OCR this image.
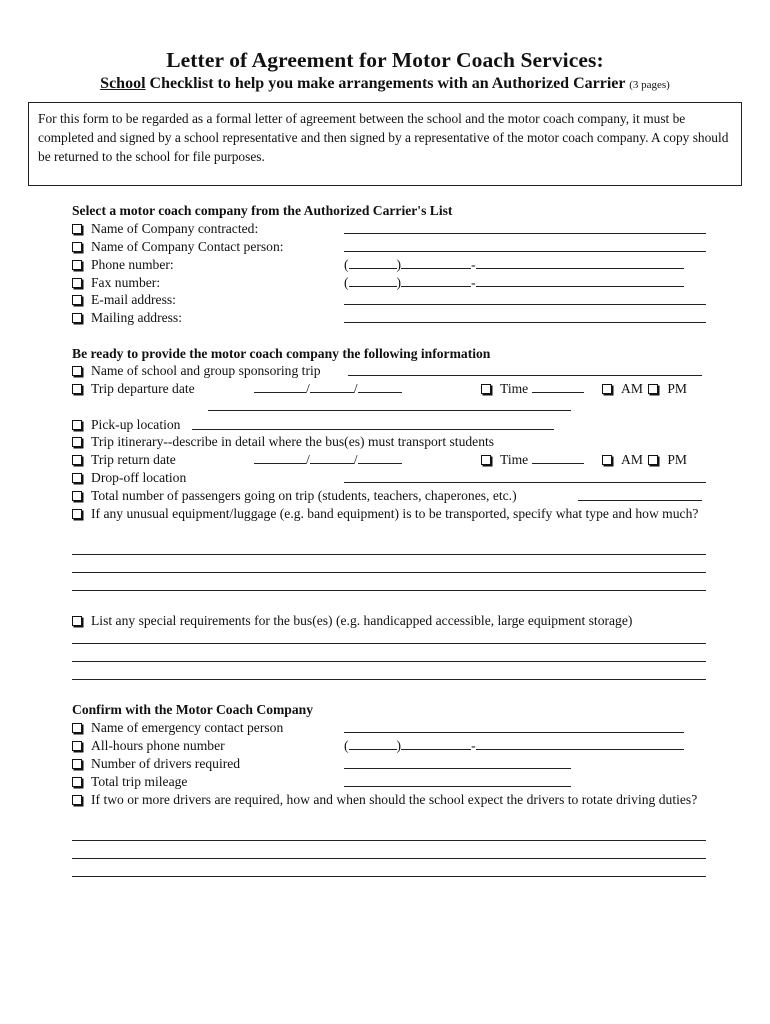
Letter of Agreement for Motor Coach Services:
School Checklist to help you make arrangements with an Authorized Carrier (3 pages)
For this form to be regarded as a formal letter of agreement between the school and the motor coach company, it must be completed and signed by a school representative and then signed by a representative of the motor coach company. A copy should be returned to the school for file purposes.
Select a motor coach company from the Authorized Carrier's List
Name of Company contracted:
Name of Company Contact person:
Phone number:	(	)	-
Fax number:	(	)	-
E-mail address:
Mailing address:
Be ready to provide the motor coach company the following information
Name of school and group sponsoring trip
Trip departure date	/	/	Time	AM PM
Pick-up location
Trip itinerary--describe in detail where the bus(es) must transport students
Trip return date	/	/	Time	AM PM
Drop-off location
Total number of passengers going on trip (students, teachers, chaperones, etc.)
If any unusual equipment/luggage (e.g. band equipment) is to be transported, specify what type and how much?
List any special requirements for the bus(es) (e.g. handicapped accessible, large equipment storage)
Confirm with the Motor Coach Company
Name of emergency contact person
All-hours phone number	(	)	-
Number of drivers required
Total trip mileage
If two or more drivers are required, how and when should the school expect the drivers to rotate driving duties?
